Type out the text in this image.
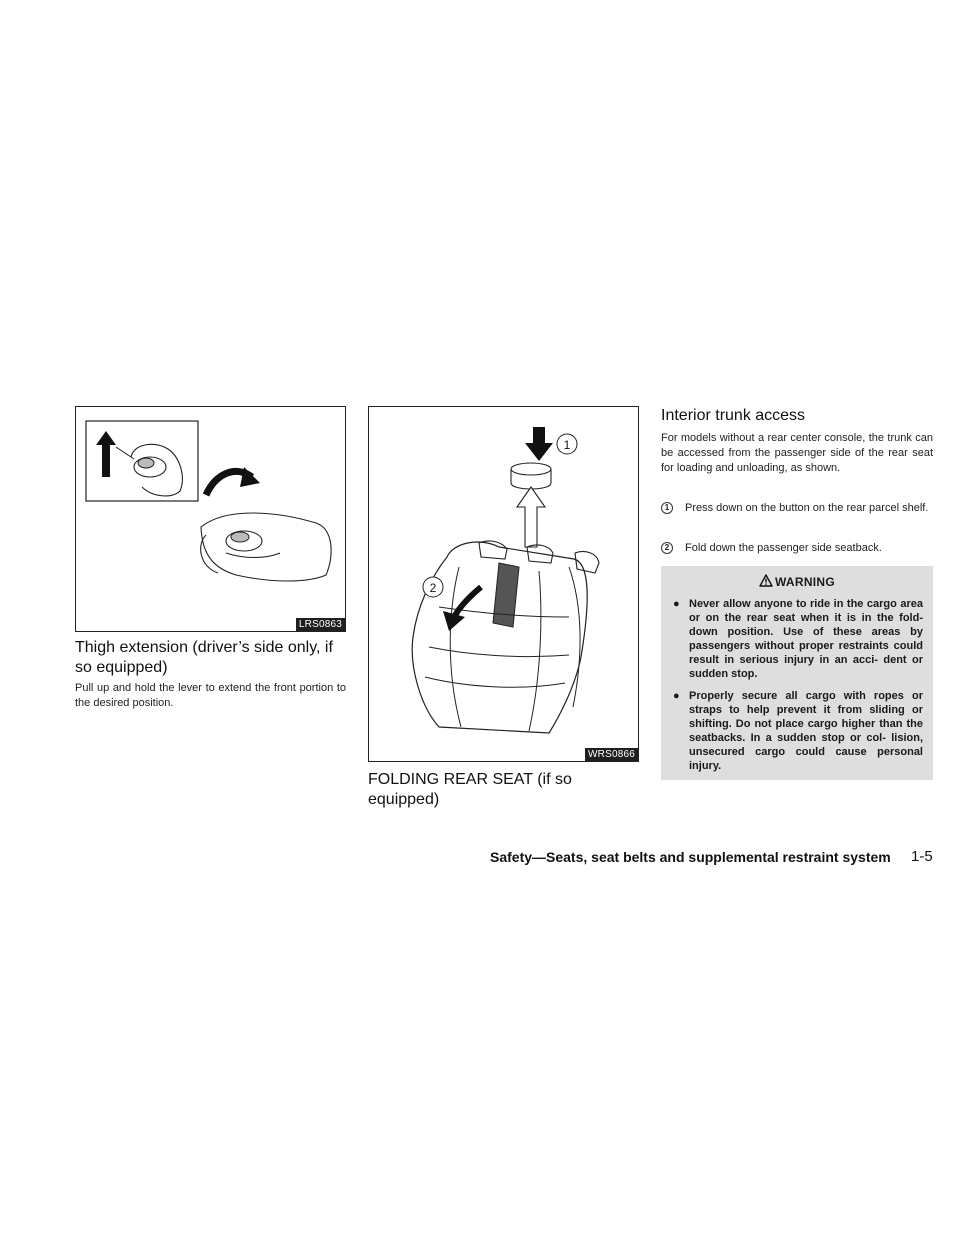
LRS0863
Thigh extension (driver’s side only, if so equipped)

Pull up and hold the lever to extend the front portion to the desired position.

1
2
WRS0866
FOLDING REAR SEAT (if so equipped)
Interior trunk access

For models without a rear center console, the trunk can be accessed from the passenger side of the rear seat for loading and unloading, as shown.

1	Press down on the button on the rear parcel shelf.
2	Fold down the passenger side seatback.
WARNING
● Never allow anyone to ride in the cargo area or on the rear seat when it is in the fold-down position. Use of these areas by passengers without proper restraints could result in serious injury in an acci- dent or sudden stop.
● Properly secure all cargo with ropes or straps to help prevent it from sliding or shifting. Do not place cargo higher than the seatbacks. In a sudden stop or col- lision, unsecured cargo could cause personal injury.
Safety—Seats, seat belts and supplemental restraint system 1-5
